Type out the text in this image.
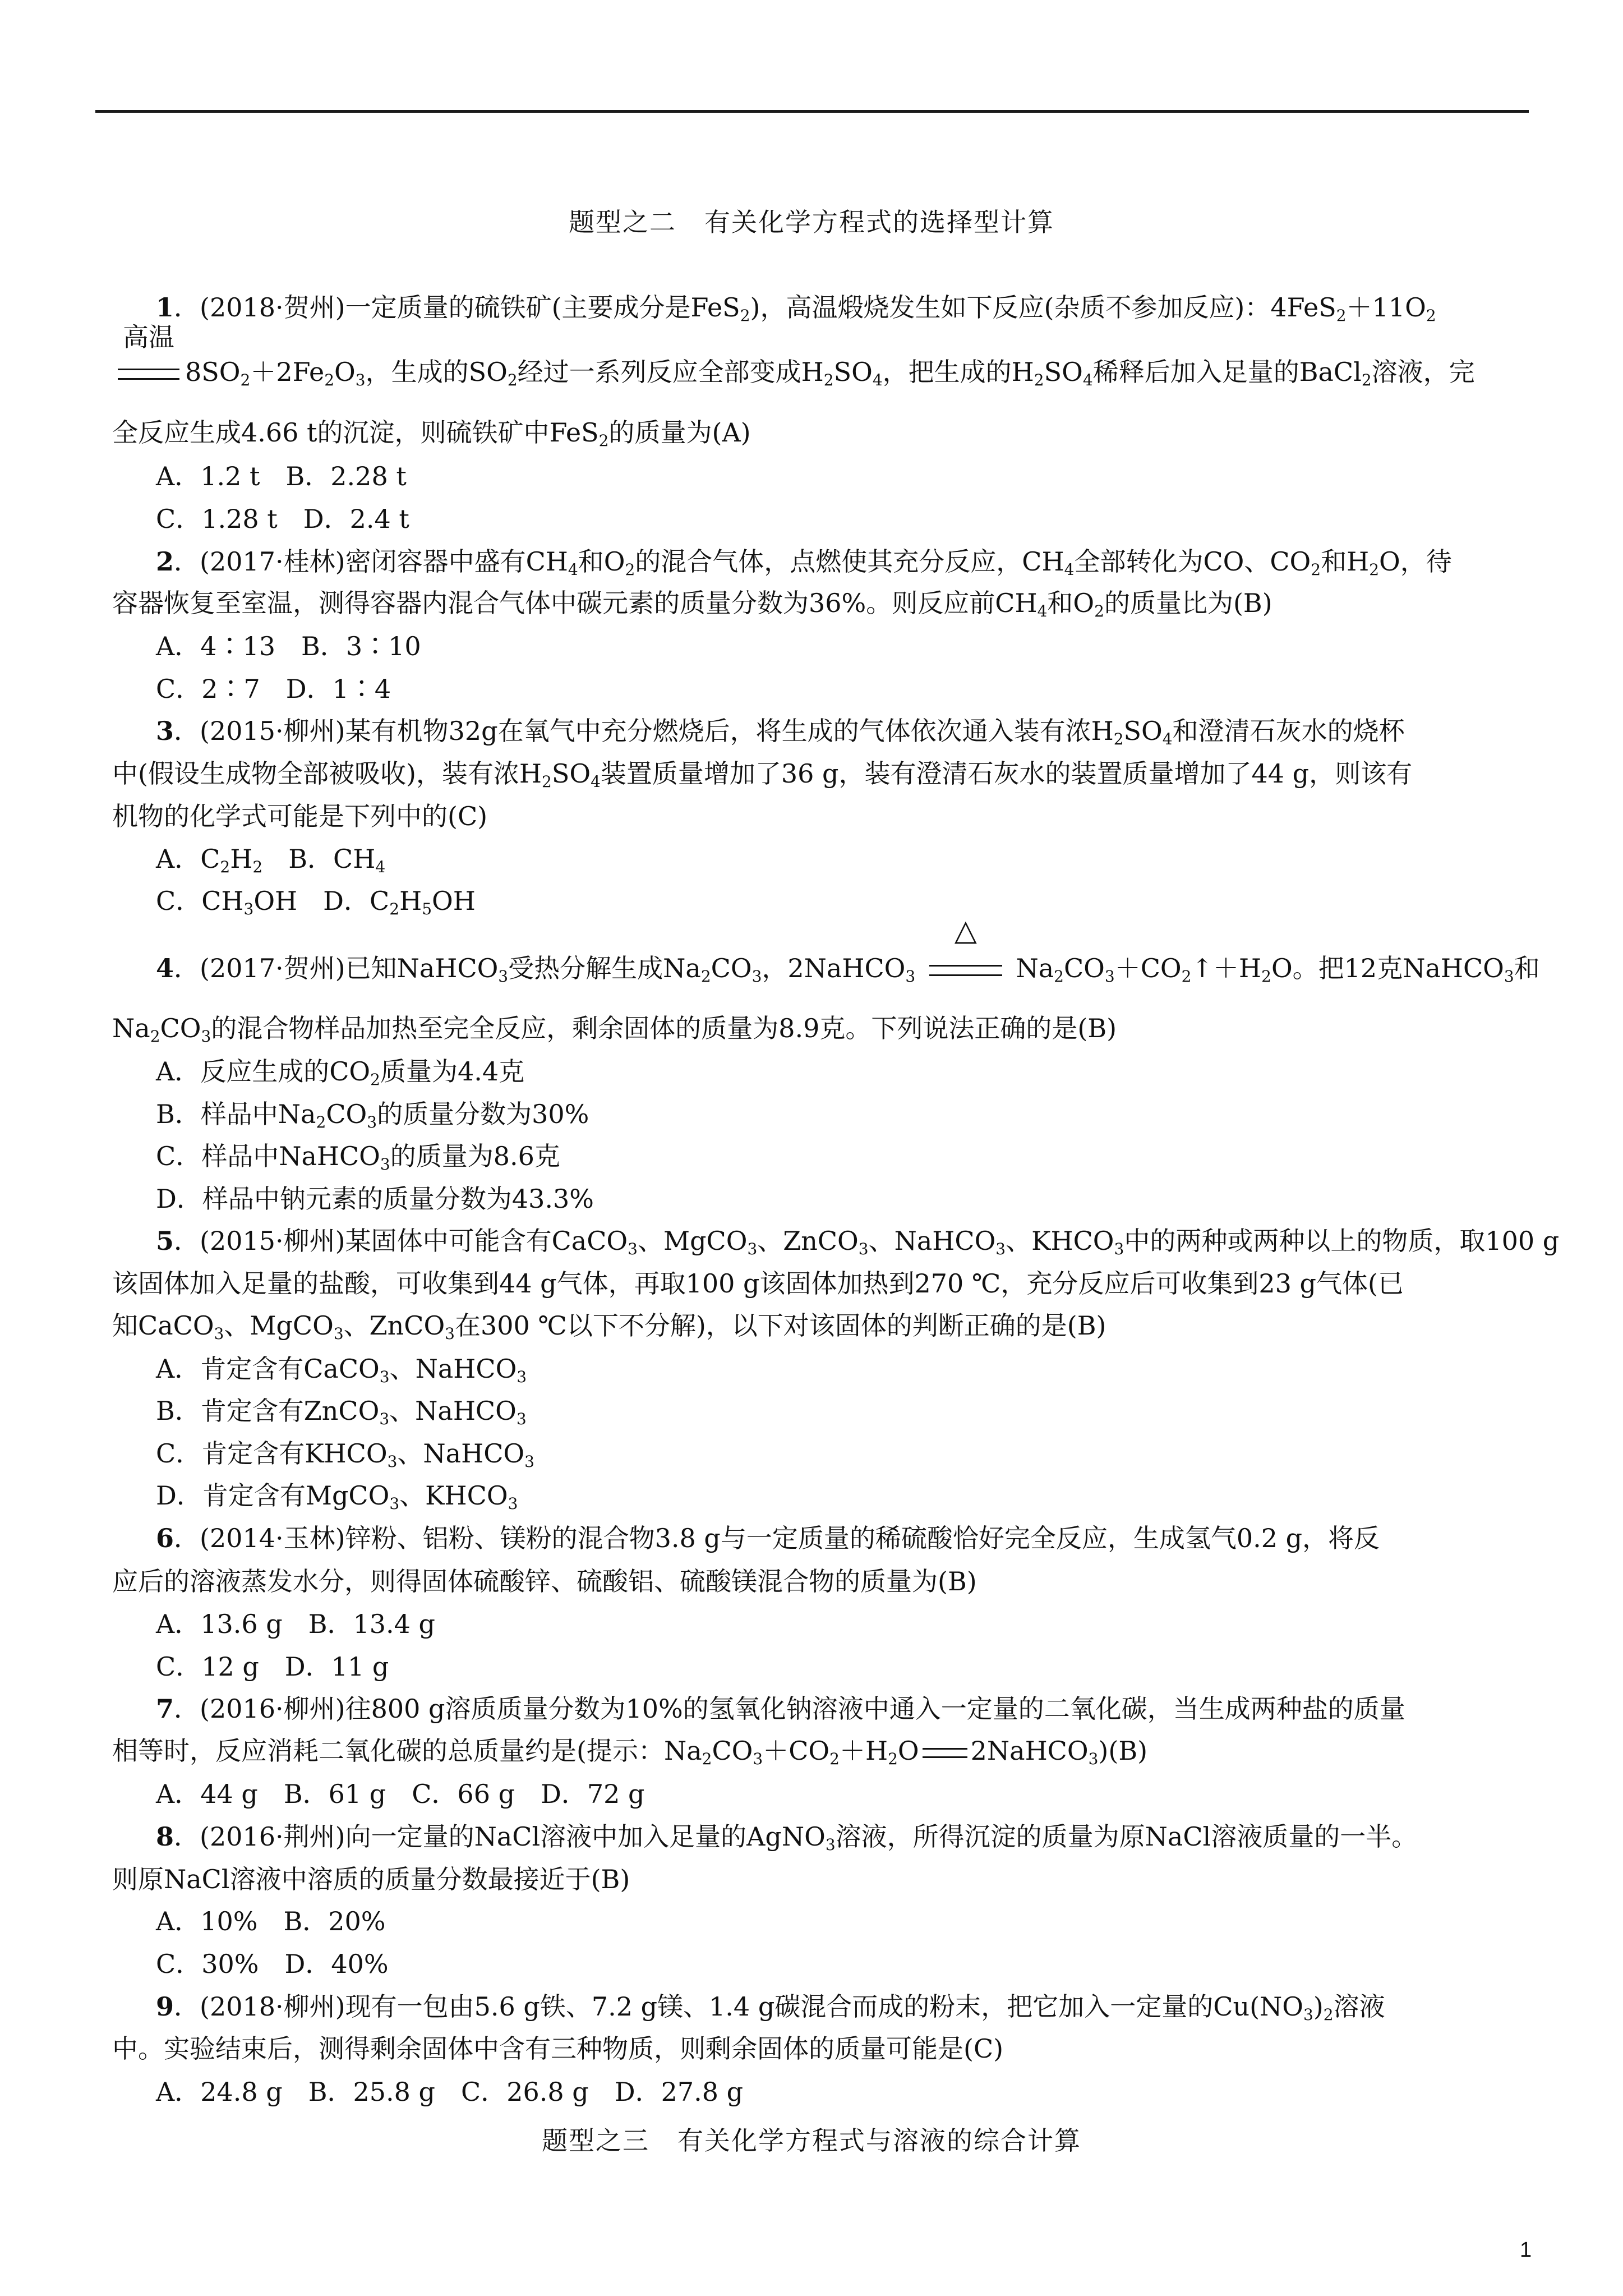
题型之二 有关化学方程式的选择型计算
1．(2018·贺州)一定质量的硫铁矿(主要成分是FeS$_2$)，高温煅烧发生如下反应(杂质不参加反应)：$4FeS_2+11O_2$
高温
$8SO_2+2Fe_2O_3$，生成的$SO_2$经过一系列反应全部变成$H_2SO_4$，把生成的$H_2SO_4$稀释后加入足量的BaCl$_2$溶液，完
全反应生成4.66 t的沉淀，则硫铁矿中FeS$_2$的质量为(A)
A．1.2 t　B．2.28 t
C．1.28 t　D．2.4 t
2．(2017·桂林)密闭容器中盛有$CH_4$和$O_2$的混合气体，点燃使其充分反应，$CH_4$全部转化为CO、$CO_2$和$H_2O$，待
容器恢复至室温，测得容器内混合气体中碳元素的质量分数为36%。则反应前$CH_4$和$O_2$的质量比为(B)
A．4∶13　B．3∶10
C．2∶7　D．1∶4
3．(2015·柳州)某有机物32g在氧气中充分燃烧后，将生成的气体依次通入装有浓$H_2SO_4$和澄清石灰水的烧杯
中(假设生成物全部被吸收)，装有浓$H_2SO_4$装置质量增加了36 g，装有澄清石灰水的装置质量增加了44 g，则该有
机物的化学式可能是下列中的(C)
A．$C_2H_2$　B．$CH_4$
C．$CH_3OH$　D．$C_2H_5OH$
4．(2017·贺州)已知NaHCO$_3$受热分解生成$Na_2CO_3$，2NaHCO$_3$
△
$Na_2CO_3+CO_2↑+H_2O$。把12克NaHCO$_3$和
$Na_2CO_3$的混合物样品加热至完全反应，剩余固体的质量为8.9克。下列说法正确的是(B)
A．反应生成的$CO_2$质量为4.4克
B．样品中$Na_2CO_3$的质量分数为30%
C．样品中NaHCO$_3$的质量为8.6克
D．样品中钠元素的质量分数为43.3%
5．(2015·柳州)某固体中可能含有CaCO$_3$、MgCO$_3$、ZnCO$_3$、NaHCO$_3$、$KHCO_3$中的两种或两种以上的物质，取100 g
该固体加入足量的盐酸，可收集到44 g气体，再取100 g该固体加热到270 ℃，充分反应后可收集到23 g气体(已
知CaCO$_3$、MgCO$_3$、ZnCO$_3$在300 ℃以下不分解)，以下对该固体的判断正确的是(B)
A．肯定含有CaCO$_3$、NaHCO$_3$
B．肯定含有ZnCO$_3$、NaHCO$_3$
C．肯定含有$KHCO_3$、NaHCO$_3$
D．肯定含有MgCO$_3$、$KHCO_3$
6．(2014·玉林)锌粉、铝粉、镁粉的混合物3.8 g与一定质量的稀硫酸恰好完全反应，生成氢气0.2 g，将反
应后的溶液蒸发水分，则得固体硫酸锌、硫酸铝、硫酸镁混合物的质量为(B)
A．13.6 g　B．13.4 g
C．12 g　D．11 g
7．(2016·柳州)往800 g溶质质量分数为10%的氢氧化钠溶液中通入一定量的二氧化碳，当生成两种盐的质量
相等时，反应消耗二氧化碳的总质量约是(提示：$Na_2CO_3+CO_2+H_2O$ 2NaHCO$_3$)(B)
A．44 g　B．61 g　C．66 g　D．72 g
8．(2016·荆州)向一定量的NaCl溶液中加入足量的AgNO$_3$溶液，所得沉淀的质量为原NaCl溶液质量的一半。
则原NaCl溶液中溶质的质量分数最接近于(B)
A．10%　B．20%
C．30%　D．40%
9．(2018·柳州)现有一包由5.6 g铁、7.2 g镁、1.4 g碳混合而成的粉末，把它加入一定量的$Cu(NO_3)_2$溶液
中。实验结束后，测得剩余固体中含有三种物质，则剩余固体的质量可能是(C)
A．24.8 g　B．25.8 g　C．26.8 g　D．27.8 g
题型之三 有关化学方程式与溶液的综合计算
1
